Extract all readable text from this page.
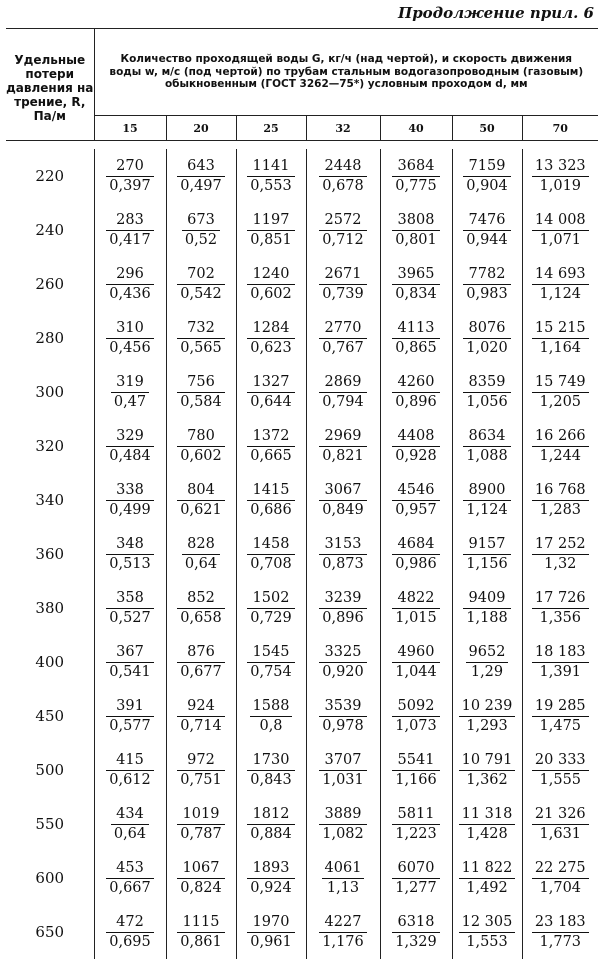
Продолжение прил. 6
Удельные потери давления на трение, R, Па/м	Количество проходящей воды G, кг/ч (над чертой), и скорость движения воды w, м/с (под чертой) по трубам стальным водогазопроводным (газовым) обыкновенным (ГОСТ 3262—75*) условным проходом d, мм						
	15	20	25	32	40	50	70

220	$\frac{270}{0,397}$	$\frac{643}{0,497}$	$\frac{1141}{0,553}$	$\frac{2448}{0,678}$	$\frac{3684}{0,775}$	$\frac{7159}{0,904}$	$\frac{13 323}{1,019}$

240	$\frac{283}{0,417}$	$\frac{673}{0,52}$	$\frac{1197}{0,851}$	$\frac{2572}{0,712}$	$\frac{3808}{0,801}$	$\frac{7476}{0,944}$	$\frac{14 008}{1,071}$

260	$\frac{296}{0,436}$	$\frac{702}{0,542}$	$\frac{1240}{0,602}$	$\frac{2671}{0,739}$	$\frac{3965}{0,834}$	$\frac{7782}{0,983}$	$\frac{14 693}{1,124}$

280	$\frac{310}{0,456}$	$\frac{732}{0,565}$	$\frac{1284}{0,623}$	$\frac{2770}{0,767}$	$\frac{4113}{0,865}$	$\frac{8076}{1,020}$	$\frac{15 215}{1,164}$

300	$\frac{319}{0,47}$	$\frac{756}{0,584}$	$\frac{1327}{0,644}$	$\frac{2869}{0,794}$	$\frac{4260}{0,896}$	$\frac{8359}{1,056}$	$\frac{15 749}{1,205}$

320	$\frac{329}{0,484}$	$\frac{780}{0,602}$	$\frac{1372}{0,665}$	$\frac{2969}{0,821}$	$\frac{4408}{0,928}$	$\frac{8634}{1,088}$	$\frac{16 266}{1,244}$

340	$\frac{338}{0,499}$	$\frac{804}{0,621}$	$\frac{1415}{0,686}$	$\frac{3067}{0,849}$	$\frac{4546}{0,957}$	$\frac{8900}{1,124}$	$\frac{16 768}{1,283}$

360	$\frac{348}{0,513}$	$\frac{828}{0,64}$	$\frac{1458}{0,708}$	$\frac{3153}{0,873}$	$\frac{4684}{0,986}$	$\frac{9157}{1,156}$	$\frac{17 252}{1,32}$

380	$\frac{358}{0,527}$	$\frac{852}{0,658}$	$\frac{1502}{0,729}$	$\frac{3239}{0,896}$	$\frac{4822}{1,015}$	$\frac{9409}{1,188}$	$\frac{17 726}{1,356}$

400	$\frac{367}{0,541}$	$\frac{876}{0,677}$	$\frac{1545}{0,754}$	$\frac{3325}{0,920}$	$\frac{4960}{1,044}$	$\frac{9652}{1,29}$	$\frac{18 183}{1,391}$

450	$\frac{391}{0,577}$	$\frac{924}{0,714}$	$\frac{1588}{0,8}$	$\frac{3539}{0,978}$	$\frac{5092}{1,073}$	$\frac{10 239}{1,293}$	$\frac{19 285}{1,475}$

500	$\frac{415}{0,612}$	$\frac{972}{0,751}$	$\frac{1730}{0,843}$	$\frac{3707}{1,031}$	$\frac{5541}{1,166}$	$\frac{10 791}{1,362}$	$\frac{20 333}{1,555}$

550	$\frac{434}{0,64}$	$\frac{1019}{0,787}$	$\frac{1812}{0,884}$	$\frac{3889}{1,082}$	$\frac{5811}{1,223}$	$\frac{11 318}{1,428}$	$\frac{21 326}{1,631}$

600	$\frac{453}{0,667}$	$\frac{1067}{0,824}$	$\frac{1893}{0,924}$	$\frac{4061}{1,13}$	$\frac{6070}{1,277}$	$\frac{11 822}{1,492}$	$\frac{22 275}{1,704}$

650	$\frac{472}{0,695}$	$\frac{1115}{0,861}$	$\frac{1970}{0,961}$	$\frac{4227}{1,176}$	$\frac{6318}{1,329}$	$\frac{12 305}{1,553}$	$\frac{23 183}{1,773}$
